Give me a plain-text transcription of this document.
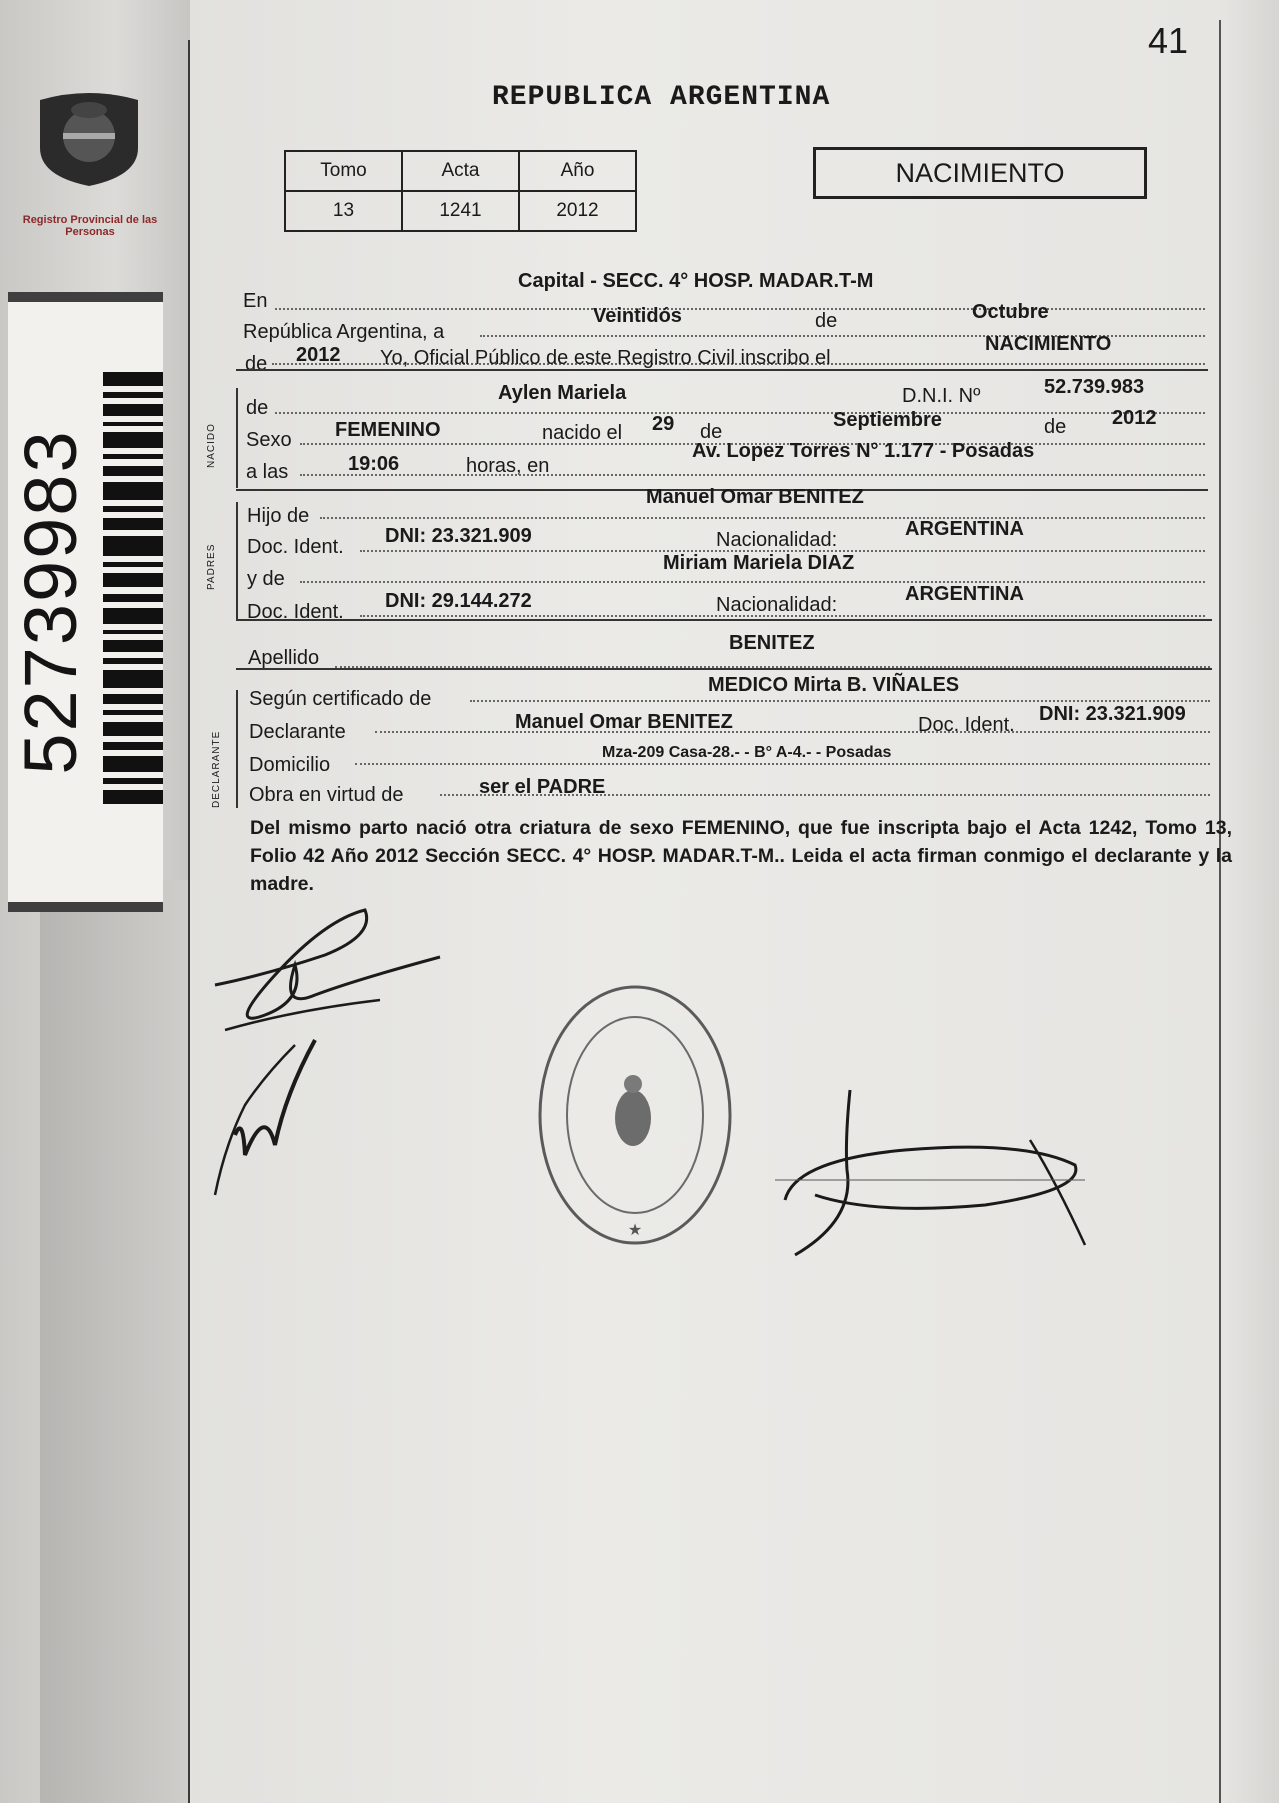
41
Registro Provincial de las Personas
52739983
REPUBLICA ARGENTINA
Tomo	Acta	Año
13	1241	2012
NACIMIENTO
En
Capital - SECC. 4° HOSP. MADAR.T-M
República Argentina, a
Veintidós	de	Octubre
de 2012 Yo, Oficial Público de este Registro Civil inscribo el
NACIMIENTO
NACIDO
de
Aylen Mariela	D.N.I. Nº	52.739.983
Sexo FEMENINO	nacido el 29 de
Septiembre	de 2012
a las	19:06	horas, en
Av. Lopez Torres N° 1.177 - Posadas
PADRES
Hijo de
Manuel Omar BENITEZ
Doc. Ident. DNI: 23.321.909	Nacionalidad:	ARGENTINA
y de
Miriam Mariela DIAZ
Doc. Ident. DNI: 29.144.272	Nacionalidad:	ARGENTINA
Apellido
BENITEZ
DECLARANTE
Según certificado de
MEDICO Mirta B. VIÑALES
Declarante	Manuel Omar BENITEZ	Doc. Ident. DNI: 23.321.909
Domicilio
Mza-209 Casa-28.- - B° A-4.- - Posadas
Obra en virtud de	ser el PADRE
Del mismo parto nació otra criatura de sexo FEMENINO, que fue inscripta bajo el Acta 1242, Tomo 13, Folio 42 Año 2012 Sección SECC. 4° HOSP. MADAR.T-M.. Leida el acta firman conmigo el declarante y la madre.
★
